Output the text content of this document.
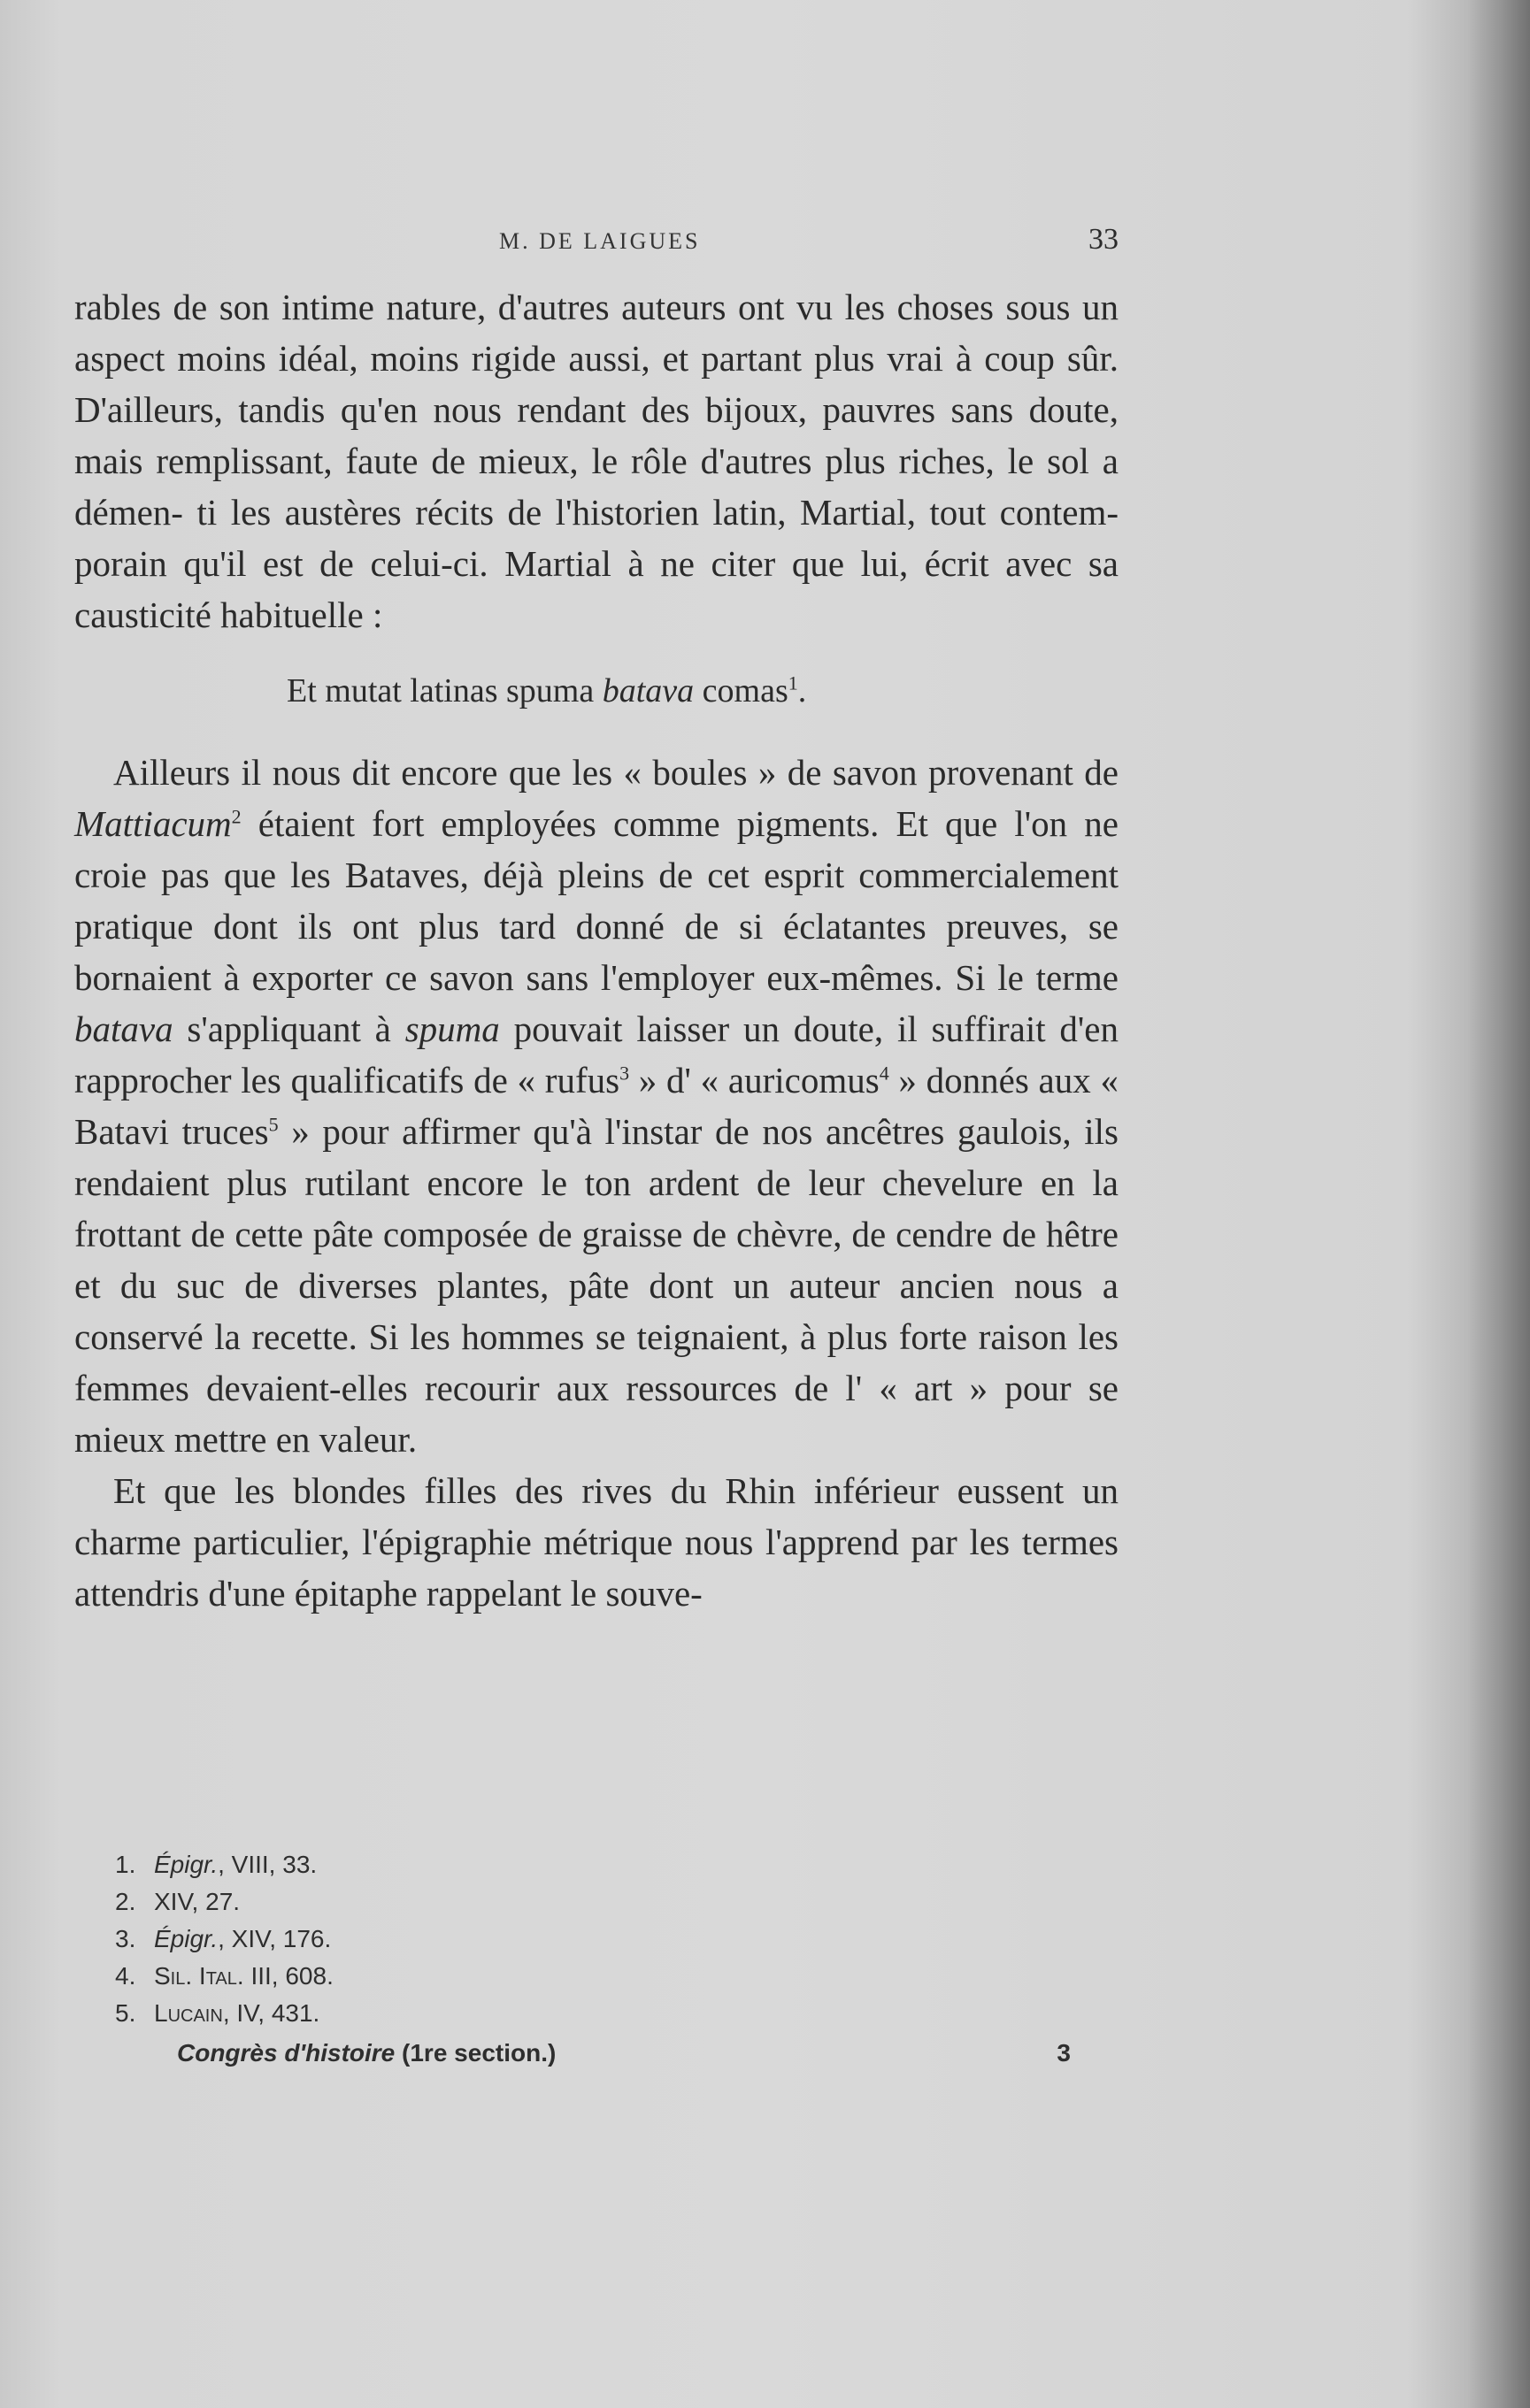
M. DE LAIGUES	33

rables de son intime nature, d'autres auteurs ont vu les choses sous un aspect moins idéal, moins rigide aussi, et partant plus vrai à coup sûr. D'ailleurs, tandis qu'en nous rendant des bijoux, pauvres sans doute, mais remplissant, faute de mieux, le rôle d'autres plus riches, le sol a démen- ti les austères récits de l'historien latin, Martial, tout contem- porain qu'il est de celui-ci. Martial à ne citer que lui, écrit avec sa causticité habituelle :

Et mutat latinas spuma batava comas$^1$.

Ailleurs il nous dit encore que les « boules » de savon provenant de Mattiacum$^2$ étaient fort employées comme pigments. Et que l'on ne croie pas que les Bataves, déjà pleins de cet esprit commercialement pratique dont ils ont plus tard donné de si éclatantes preuves, se bornaient à exporter ce savon sans l'employer eux-mêmes. Si le terme batava s'appliquant à spuma pouvait laisser un doute, il suffirait d'en rapprocher les qualificatifs de « rufus$^3$ » d' « auricomus$^4$ » donnés aux « Batavi truces$^5$ » pour affirmer qu'à l'instar de nos ancêtres gaulois, ils rendaient plus rutilant encore le ton ardent de leur chevelure en la frottant de cette pâte composée de graisse de chèvre, de cendre de hêtre et du suc de diverses plantes, pâte dont un auteur ancien nous a conservé la recette. Si les hommes se teignaient, à plus forte raison les femmes devaient-elles recourir aux ressources de l' « art » pour se mieux mettre en valeur.

Et que les blondes filles des rives du Rhin inférieur eussent un charme particulier, l'épigraphie métrique nous l'apprend par les termes attendris d'une épitaphe rappelant le souve-

1. Épigr., VIII, 33.
2. XIV, 27.
3. Épigr., XIV, 176.
4. Sil. Ital. III, 608.
5. Lucain, IV, 431.
Congrès d'histoire (1re section.)	3
